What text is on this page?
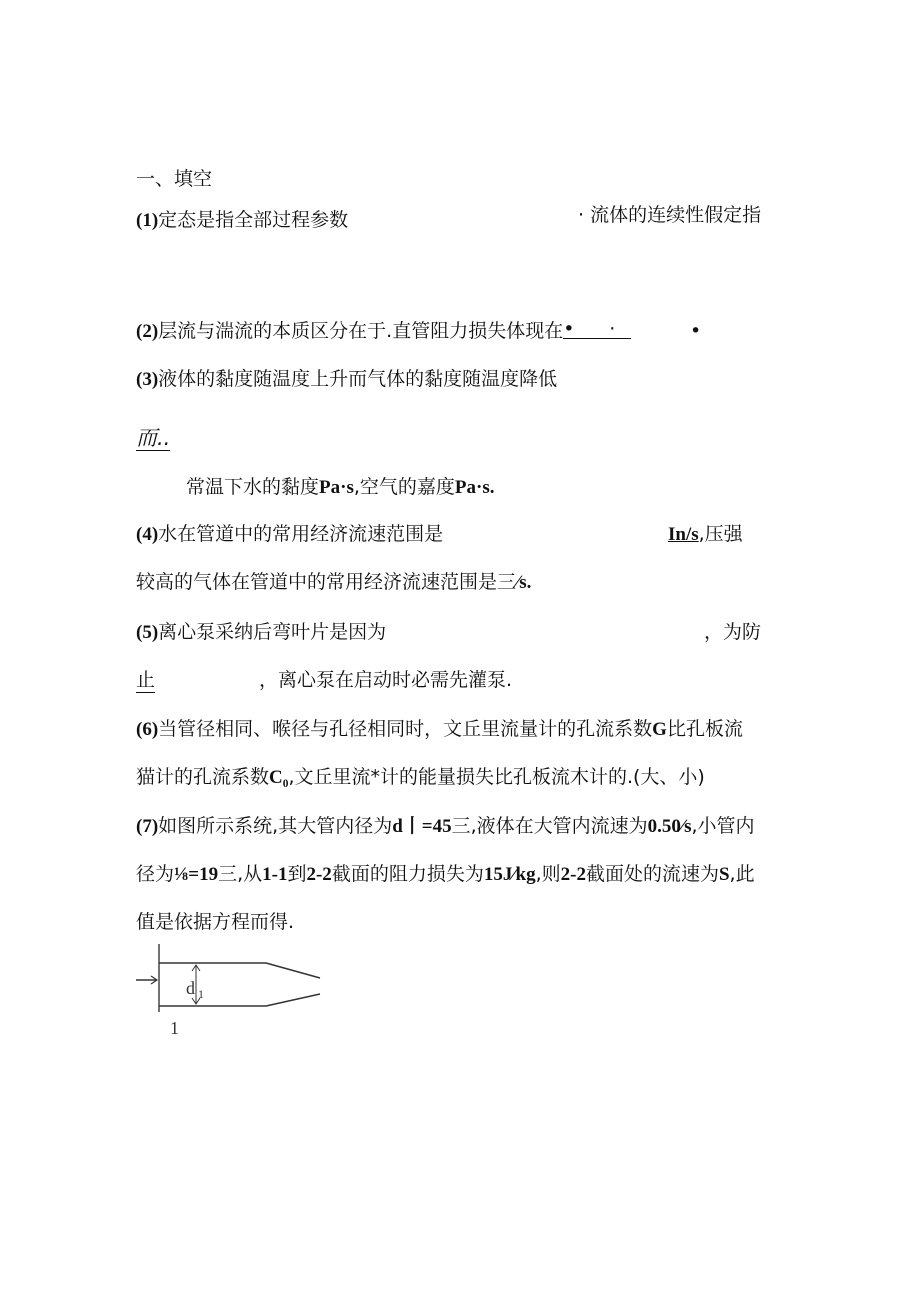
一、填空
(1)定态是指全部过程参数	· 流体的连续性假定指
(2)层流与湍流的本质区分在于.直管阻力损失体现在 • ·	•
(3)液体的黏度随温度上升而气体的黏度随温度降低
而..
常温下水的黏度Pa·s,空气的嘉度Pa·s.
(4)水在管道中的常用经济流速范围是	In/s,压强
较高的气体在管道中的常用经济流速范围是三∕s.
(5)离心泵采纳后弯叶片是因为	，为防
止	，离心泵在启动时必需先灌泵.
(6)当管径相同、喉径与孔径相同时，文丘里流量计的孔流系数G比孔板流
猫计的孔流系数C₀,文丘里流*计的能量损失比孔板流木计的.(大、小)
(7)如图所示系统,其大管内径为d丨=45三,液体在大管内流速为0.50∕s,小管内
径为⅛=19三,从1-1到2-2截面的阻力损失为15J∕kg,则2-2截面处的流速为S,此
值是依据方程而得.
d 1
1
